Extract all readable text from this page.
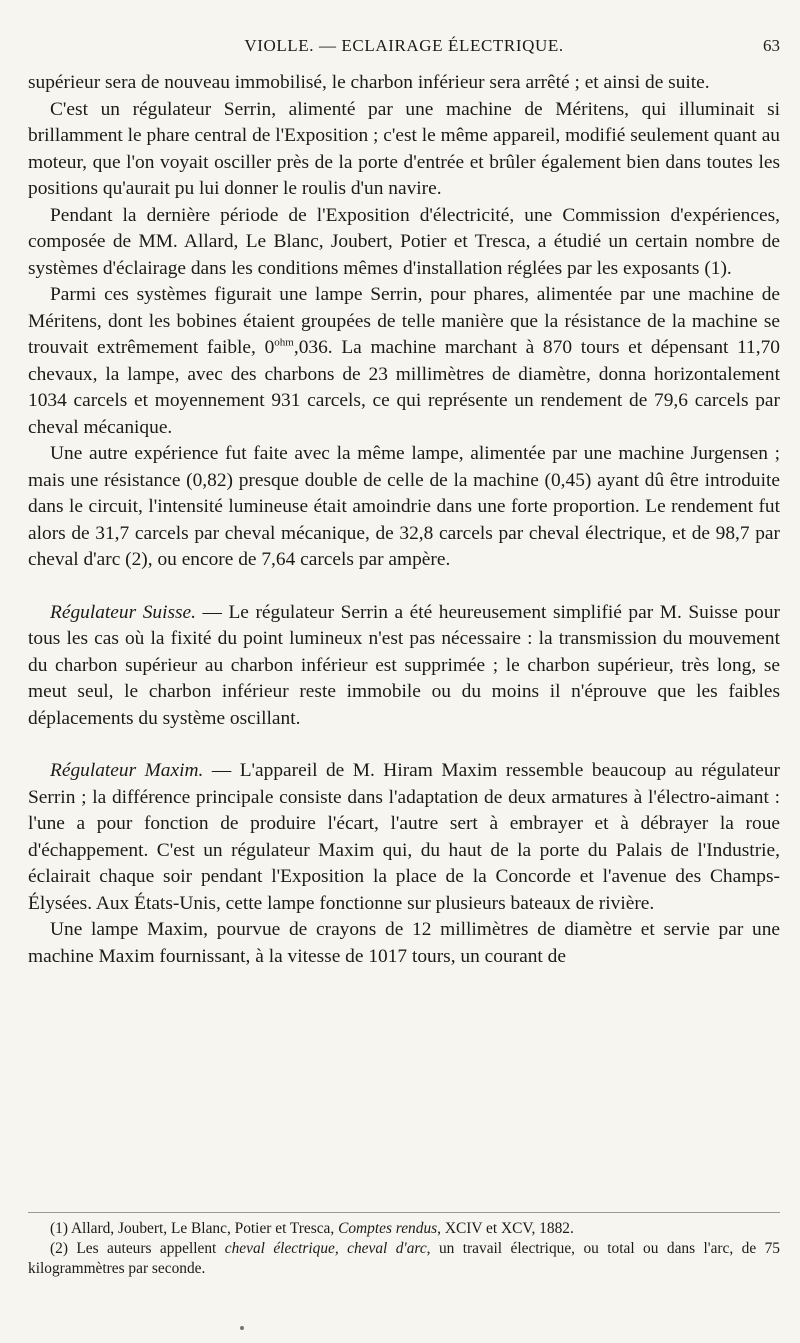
VIOLLE. — ECLAIRAGE ÉLECTRIQUE.	63

supérieur sera de nouveau immobilisé, le charbon inférieur sera arrêté ; et ainsi de suite.

C'est un régulateur Serrin, alimenté par une machine de Méritens, qui illuminait si brillamment le phare central de l'Exposition ; c'est le même appareil, modifié seulement quant au moteur, que l'on voyait osciller près de la porte d'entrée et brûler également bien dans toutes les positions qu'aurait pu lui donner le roulis d'un navire.

Pendant la dernière période de l'Exposition d'électricité, une Commission d'expériences, composée de MM. Allard, Le Blanc, Joubert, Potier et Tresca, a étudié un certain nombre de systèmes d'éclairage dans les conditions mêmes d'installation réglées par les exposants (1).

Parmi ces systèmes figurait une lampe Serrin, pour phares, alimentée par une machine de Méritens, dont les bobines étaient groupées de telle manière que la résistance de la machine se trouvait extrêmement faible, $0^{ohm},036$. La machine marchant à 870 tours et dépensant 11,70 chevaux, la lampe, avec des charbons de 23 millimètres de diamètre, donna horizontalement 1034 carcels et moyennement 931 carcels, ce qui représente un rendement de 79,6 carcels par cheval mécanique.

Une autre expérience fut faite avec la même lampe, alimentée par une machine Jurgensen ; mais une résistance (0,82) presque double de celle de la machine (0,45) ayant dû être introduite dans le circuit, l'intensité lumineuse était amoindrie dans une forte proportion. Le rendement fut alors de 31,7 carcels par cheval mécanique, de 32,8 carcels par cheval électrique, et de 98,7 par cheval d'arc (2), ou encore de 7,64 carcels par ampère.

Régulateur Suisse. — Le régulateur Serrin a été heureusement simplifié par M. Suisse pour tous les cas où la fixité du point lumineux n'est pas nécessaire : la transmission du mouvement du charbon supérieur au charbon inférieur est supprimée ; le charbon supérieur, très long, se meut seul, le charbon inférieur reste immobile ou du moins il n'éprouve que les faibles déplacements du système oscillant.

Régulateur Maxim. — L'appareil de M. Hiram Maxim ressemble beaucoup au régulateur Serrin ; la différence principale consiste dans l'adaptation de deux armatures à l'électro-aimant : l'une a pour fonction de produire l'écart, l'autre sert à embrayer et à débrayer la roue d'échappement. C'est un régulateur Maxim qui, du haut de la porte du Palais de l'Industrie, éclairait chaque soir pendant l'Exposition la place de la Concorde et l'avenue des Champs-Élysées. Aux États-Unis, cette lampe fonctionne sur plusieurs bateaux de rivière.

Une lampe Maxim, pourvue de crayons de 12 millimètres de diamètre et servie par une machine Maxim fournissant, à la vitesse de 1017 tours, un courant de

(1) Allard, Joubert, Le Blanc, Potier et Tresca, Comptes rendus, XCIV et XCV, 1882.

(2) Les auteurs appellent cheval électrique, cheval d'arc, un travail électrique, ou total ou dans l'arc, de 75 kilogrammètres par seconde.
